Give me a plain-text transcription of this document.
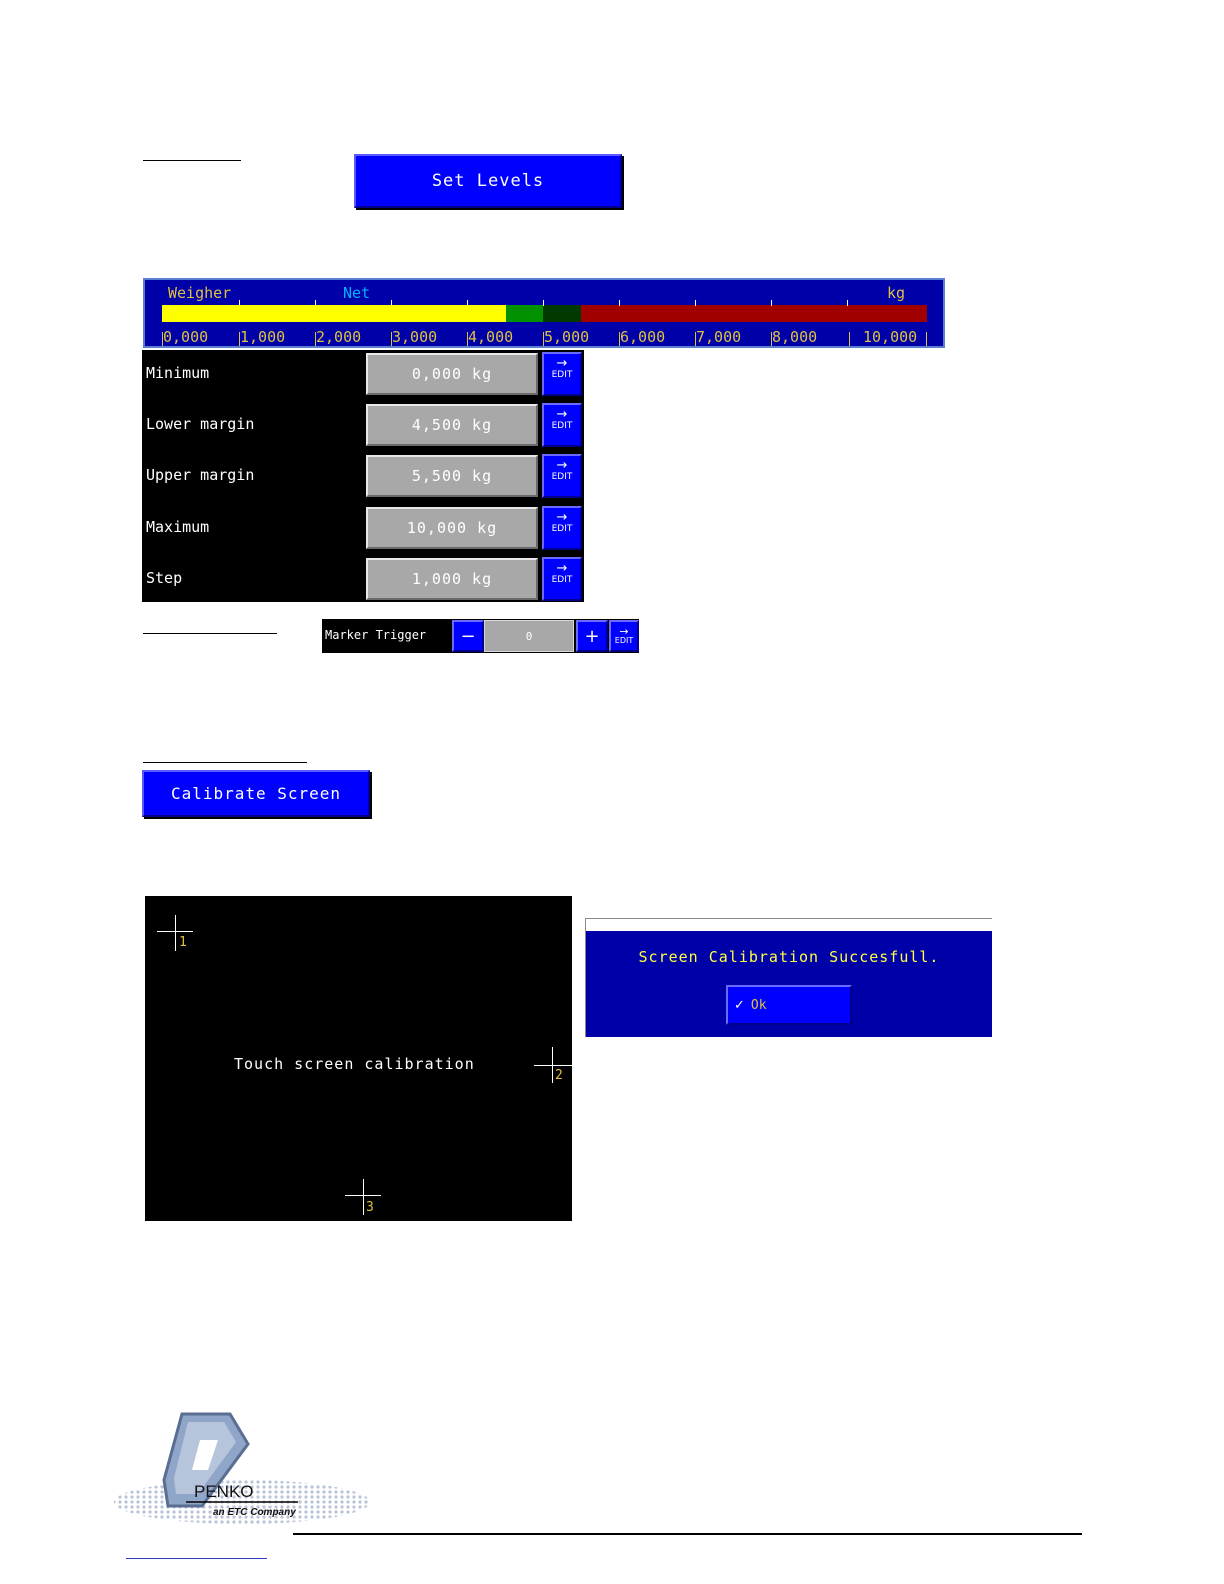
Set Levels
Weigher	Net	kg
0,000 1,000 2,000 3,000 4,000 5,000 6,000 7,000 8,000	10,000
Minimum	0,000 kg
→
EDIT
Lower margin	4,500 kg
→
EDIT
Upper margin	5,500 kg
→
EDIT
Maximum	10,000 kg
→
EDIT
Step	1,000 kg
→
EDIT
Marker Trigger −	0	+ →
EDIT
Calibrate Screen
1
2
3
Touch screen calibration
Screen Calibration Succesfull.
✓ Ok
PENKO
an ETC Company
